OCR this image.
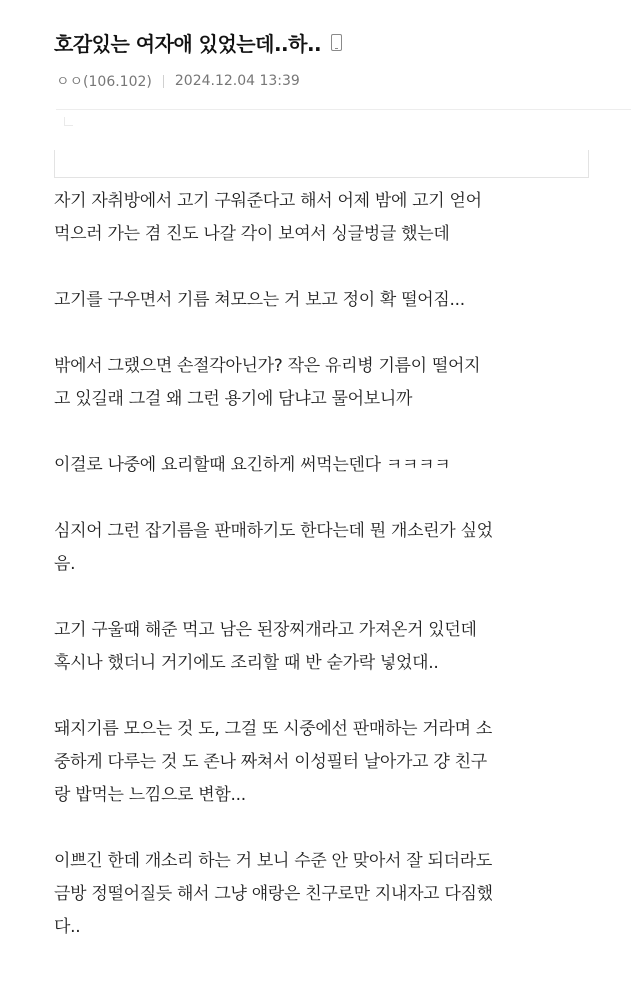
호감있는 여자애 있었는데..하..
ㅇㅇ(106.102) 2024.12.04 13:39

자기 자취방에서 고기 구워준다고 해서 어제 밤에 고기 얻어
먹으러 가는 겸 진도 나갈 각이 보여서 싱글벙글 했는데

고기를 구우면서 기름 쳐모으는 거 보고 정이 확 떨어짐...

밖에서 그랬으면 손절각아닌가? 작은 유리병 기름이 떨어지
고 있길래 그걸 왜 그런 용기에 담냐고 물어보니까

이걸로 나중에 요리할때 요긴하게 써먹는덴다 ㅋㅋㅋㅋ

심지어 그런 잡기름을 판매하기도 한다는데 뭔 개소린가 싶었
음.

고기 구울때 해준 먹고 남은 된장찌개라고 가져온거 있던데
혹시나 했더니 거기에도 조리할 때 반 숟가락 넣었대..

돼지기름 모으는 것 도, 그걸 또 시중에선 판매하는 거라며 소
중하게 다루는 것 도 존나 짜쳐서 이성필터 날아가고 걍 친구
랑 밥먹는 느낌으로 변함...

이쁘긴 한데 개소리 하는 거 보니 수준 안 맞아서 잘 되더라도
금방 정떨어질듯 해서 그냥 얘랑은 친구로만 지내자고 다짐했
다..
